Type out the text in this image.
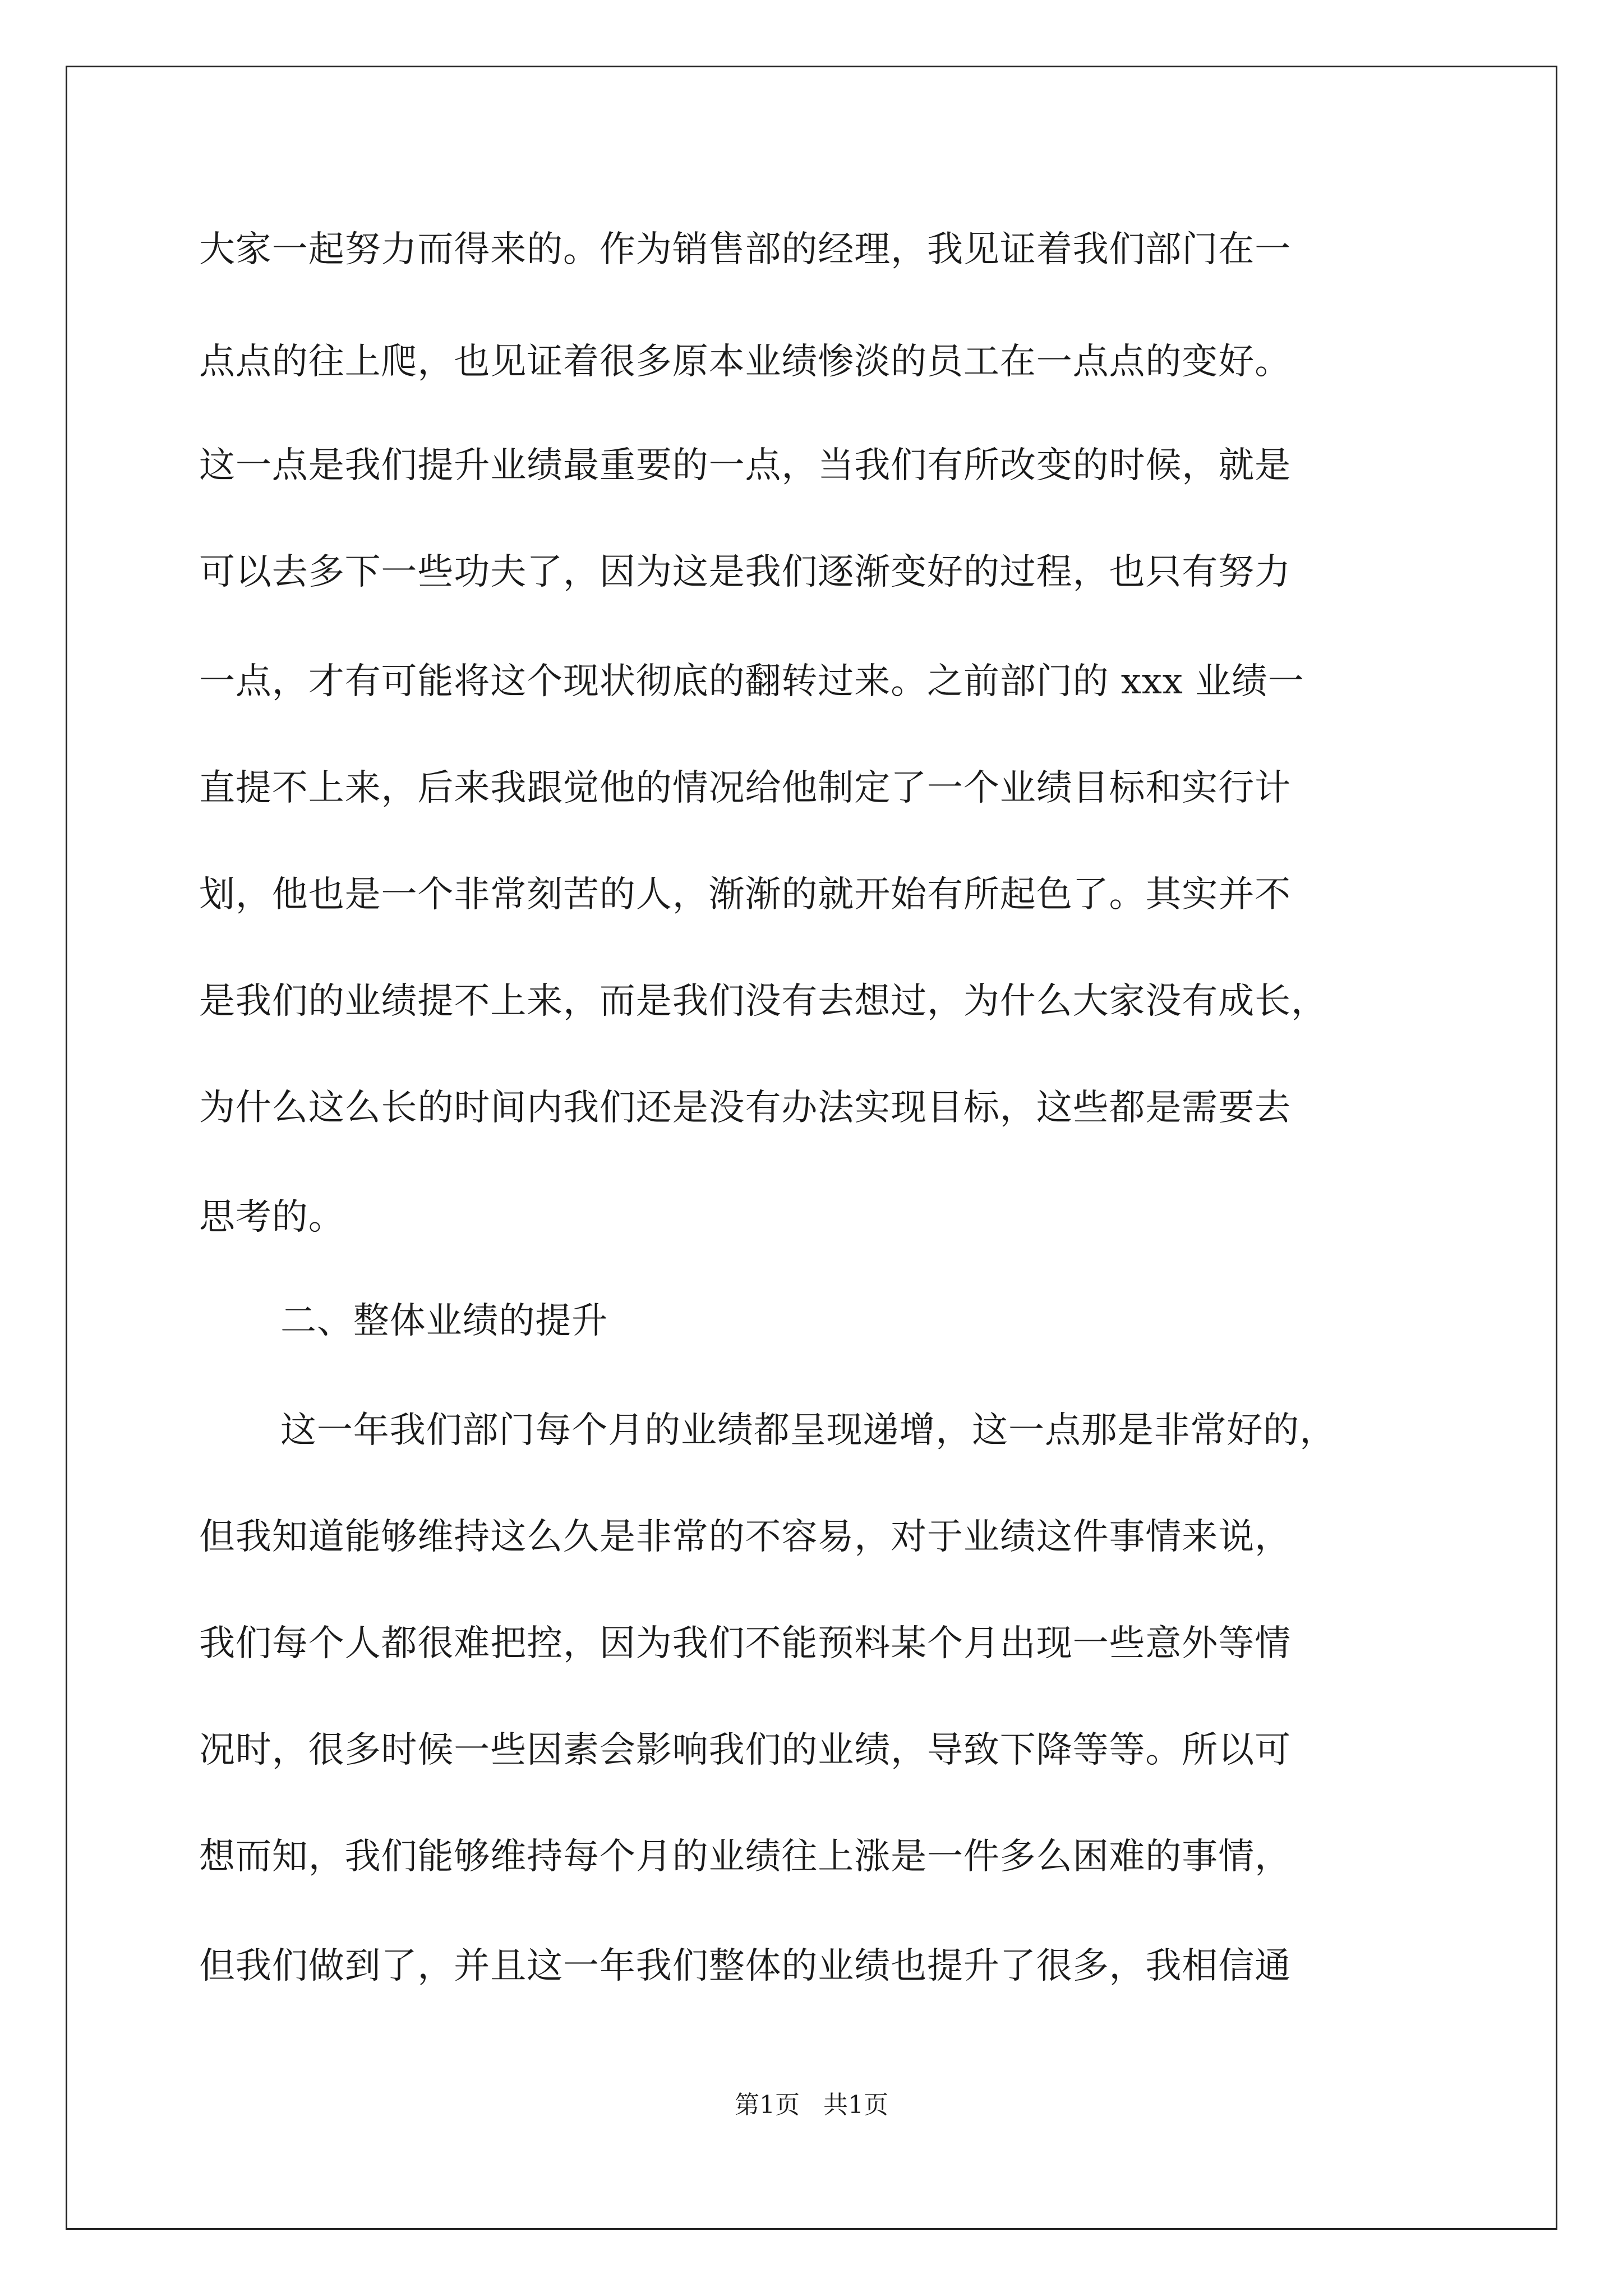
大家一起努力而得来的。作为销售部的经理，我见证着我们部门在一
点点的往上爬，也见证着很多原本业绩惨淡的员工在一点点的变好。
这一点是我们提升业绩最重要的一点，当我们有所改变的时候，就是
可以去多下一些功夫了，因为这是我们逐渐变好的过程，也只有努力
一点，才有可能将这个现状彻底的翻转过来。之前部门的 xxx 业绩一
直提不上来，后来我跟觉他的情况给他制定了一个业绩目标和实行计
划，他也是一个非常刻苦的人，渐渐的就开始有所起色了。其实并不
是我们的业绩提不上来，而是我们没有去想过，为什么大家没有成长，
为什么这么长的时间内我们还是没有办法实现目标，这些都是需要去
思考的。
二、整体业绩的提升
这一年我们部门每个月的业绩都呈现递增，这一点那是非常好的，
但我知道能够维持这么久是非常的不容易，对于业绩这件事情来说，
我们每个人都很难把控，因为我们不能预料某个月出现一些意外等情
况时，很多时候一些因素会影响我们的业绩，导致下降等等。所以可
想而知，我们能够维持每个月的业绩往上涨是一件多么困难的事情，
但我们做到了，并且这一年我们整体的业绩也提升了很多，我相信通
第1页   共1页
